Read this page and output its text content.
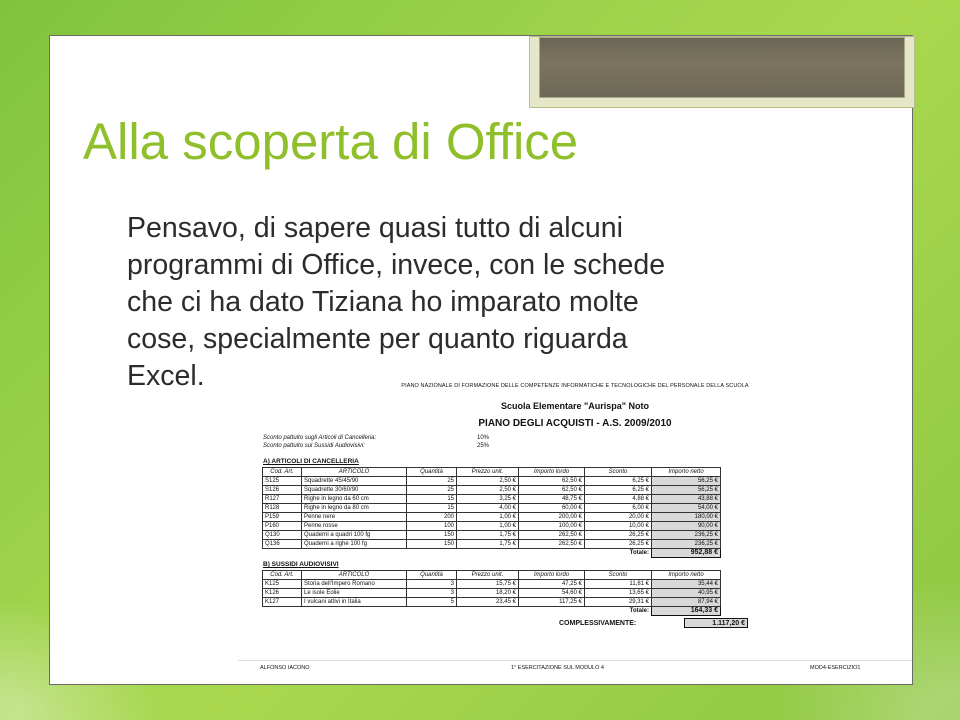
Alla scoperta di Office
Pensavo, di sapere quasi tutto di alcuni
programmi di Office, invece, con le schede
che ci ha dato Tiziana ho imparato molte
cose, specialmente per quanto riguarda
Excel.	PIANO NAZIONALE DI FORMAZIONE DELLE COMPETENZE INFORMATICHE E TECNOLOGICHE DEL PERSONALE DELLA SCUOLA
Scuola Elementare "Aurispa" Noto
PIANO DEGLI ACQUISTI - A.S. 2009/2010
Sconto pattuito sugli Articoli di Cancelleria:	10%
Sconto pattuito sui Sussidi Audiovisivi:	25%
A) ARTICOLI DI CANCELLERIA
Cod. Art.	ARTICOLO	Quantità	Prezzo unit.	Importo lordo	Sconto	Importo netto
S125	Squadrette 45/45/90	25	2,50 €	62,50 €	6,25 €	56,25 €
S126	Squadrette 30/60/90	25	2,50 €	62,50 €	6,25 €	56,25 €
R127	Righe in legno da 60 cm	15	3,25 €	48,75 €	4,88 €	43,88 €
R128	Righe in legno da 80 cm	15	4,00 €	60,00 €	6,00 €	54,00 €
P159	Penne nere	200	1,00 €	200,00 €	20,00 €	180,00 €
P160	Penne rosse	100	1,00 €	100,00 €	10,00 €	90,00 €
Q130	Quaderni a quadri 100 fg	150	1,75 €	262,50 €	26,25 €	236,25 €
Q136	Quaderni a righe 100 fg	150	1,75 €	262,50 €	26,25 €	236,25 €
					Totale:	952,88 €
B) SUSSIDI AUDIOVISIVI
Cod. Art.	ARTICOLO	Quantità	Prezzo unit.	Importo lordo	Sconto	Importo netto
K125	Storia dell'Impero Romano	3	15,75 €	47,25 €	11,81 €	35,44 €
K126	Le isole Eolie	3	18,20 €	54,60 €	13,65 €	40,95 €
K127	I vulcani attivi in Italia	5	23,45 €	117,25 €	29,31 €	87,94 €
					Totale:	164,33 €
COMPLESSIVAMENTE:	1.117,20 €
ALFONSO IACONO	1° ESERCITAZIONE SUL MODULO 4	MOD4-ESERCIZIO1
